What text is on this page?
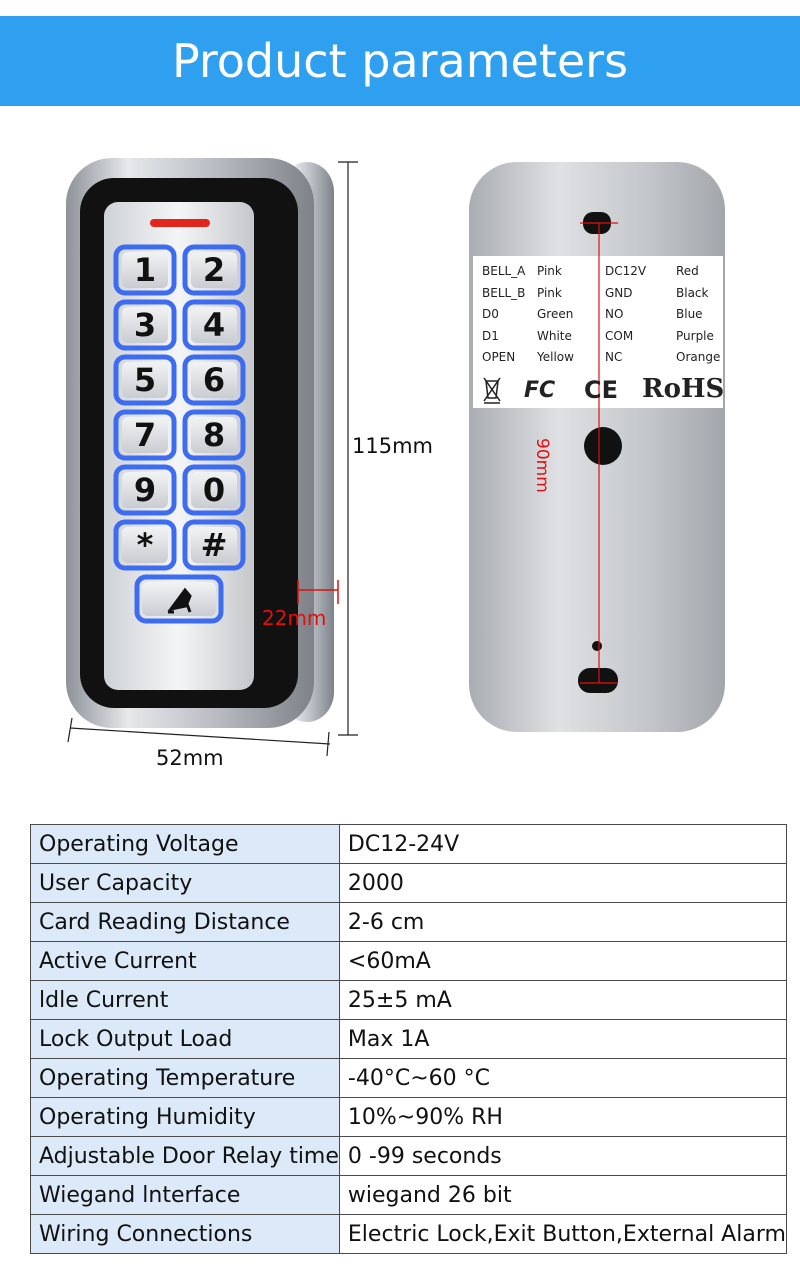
Product parameters
1	2
3	4
5	6
7	8
9	0
*	#
BELL_A Pink	DC12V Red
BELL_B Pink	GND	Black
D0	Green	NO	Blue
D1	White	COM	Purple
OPEN Yellow	NC	Orange
FC CE RoHS
115mm
52mm
22mm
90mm
Operating Voltage	DC12-24V
User Capacity	2000
Card Reading Distance	2-6 cm
Active Current	<60mA
ldle Current	25±5 mA
Lock Output Load	Max 1A
Operating Temperature	-40°C~60 °C
Operating Humidity	10%~90% RH
Adjustable Door Relay time	0 -99 seconds
Wiegand lnterface	wiegand 26 bit
Wiring Connections	Electric Lock,Exit Button,External Alarm
